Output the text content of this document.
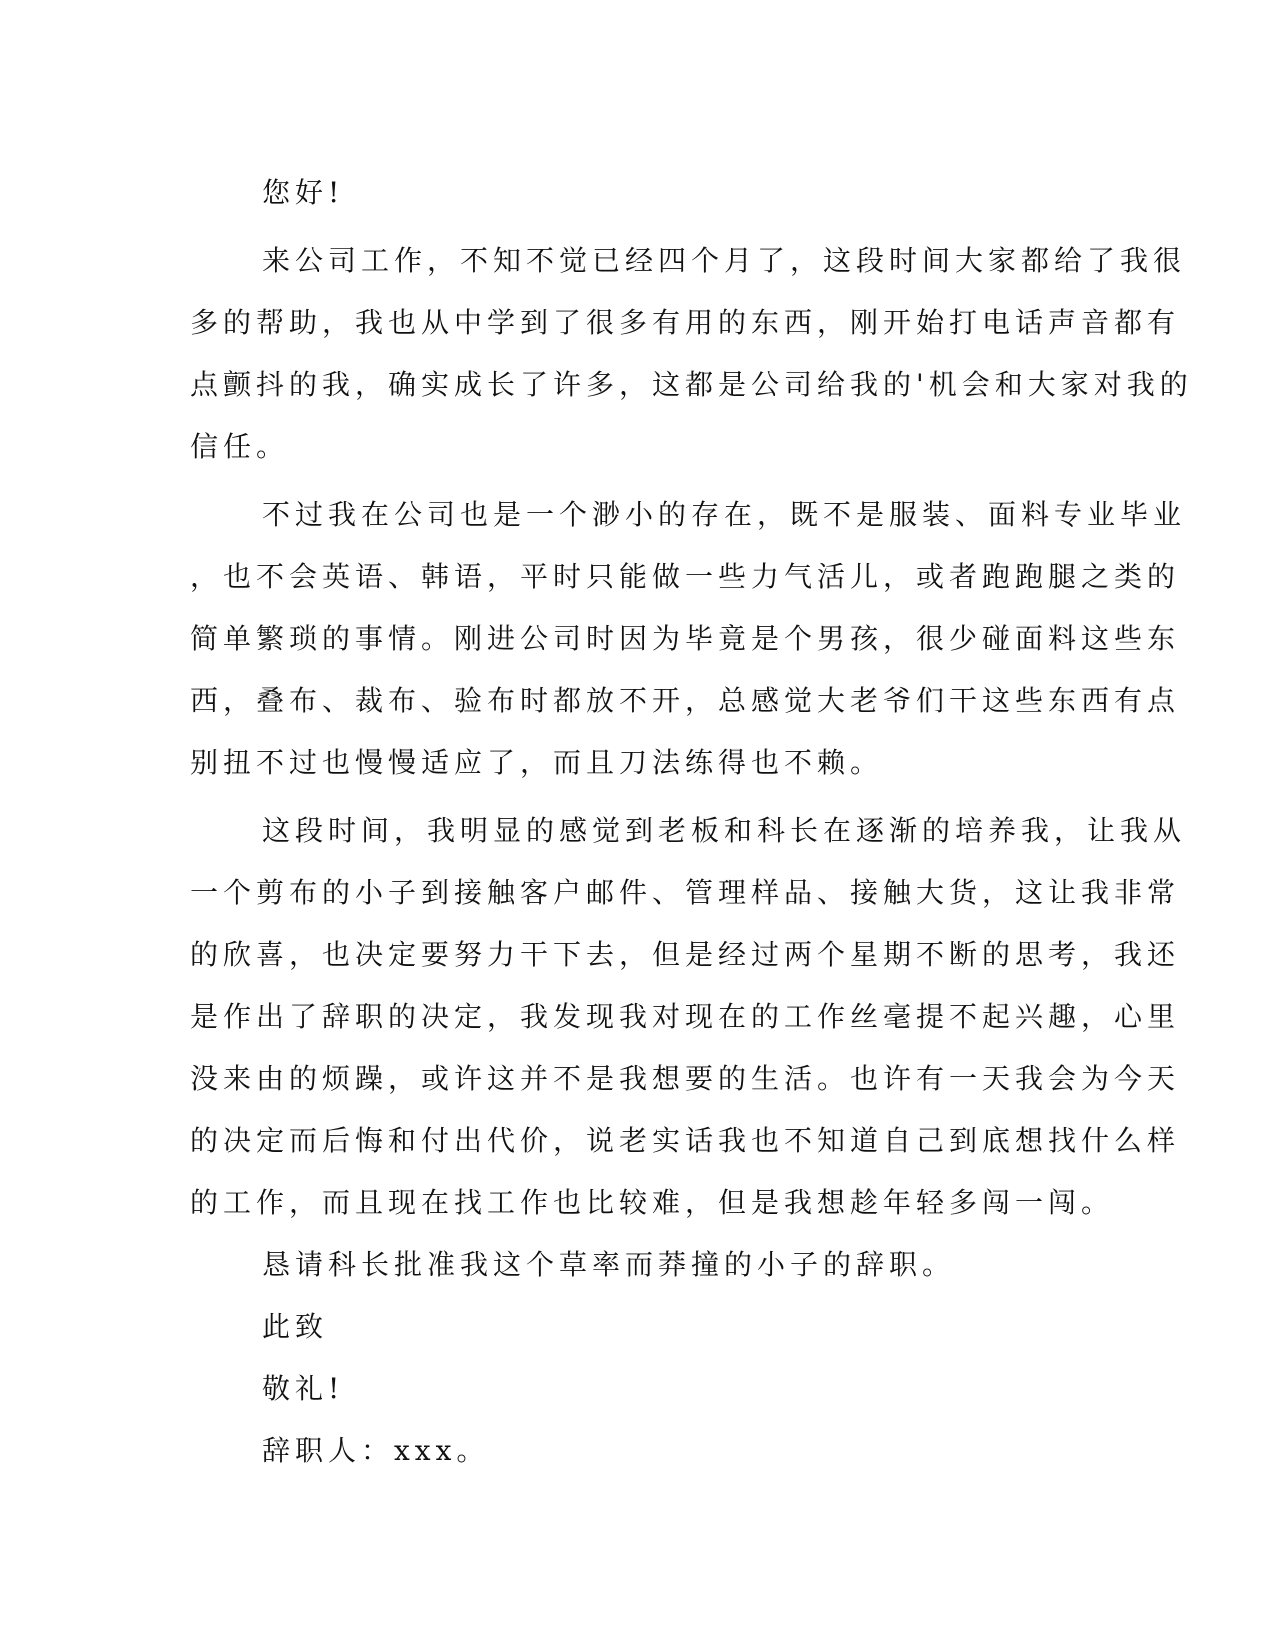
您好!
来公司工作，不知不觉已经四个月了，这段时间大家都给了我很
多的帮助，我也从中学到了很多有用的东西，刚开始打电话声音都有
点颤抖的我，确实成长了许多，这都是公司给我的'机会和大家对我的
信任。
不过我在公司也是一个渺小的存在，既不是服装、面料专业毕业
，也不会英语、韩语，平时只能做一些力气活儿，或者跑跑腿之类的
简单繁琐的事情。刚进公司时因为毕竟是个男孩，很少碰面料这些东
西，叠布、裁布、验布时都放不开，总感觉大老爷们干这些东西有点
别扭不过也慢慢适应了，而且刀法练得也不赖。
这段时间，我明显的感觉到老板和科长在逐渐的培养我，让我从
一个剪布的小子到接触客户邮件、管理样品、接触大货，这让我非常
的欣喜，也决定要努力干下去，但是经过两个星期不断的思考，我还
是作出了辞职的决定，我发现我对现在的工作丝毫提不起兴趣，心里
没来由的烦躁，或许这并不是我想要的生活。也许有一天我会为今天
的决定而后悔和付出代价，说老实话我也不知道自己到底想找什么样
的工作，而且现在找工作也比较难，但是我想趁年轻多闯一闯。
恳请科长批准我这个草率而莽撞的小子的辞职。
此致
敬礼!
辞职人：xxx。
